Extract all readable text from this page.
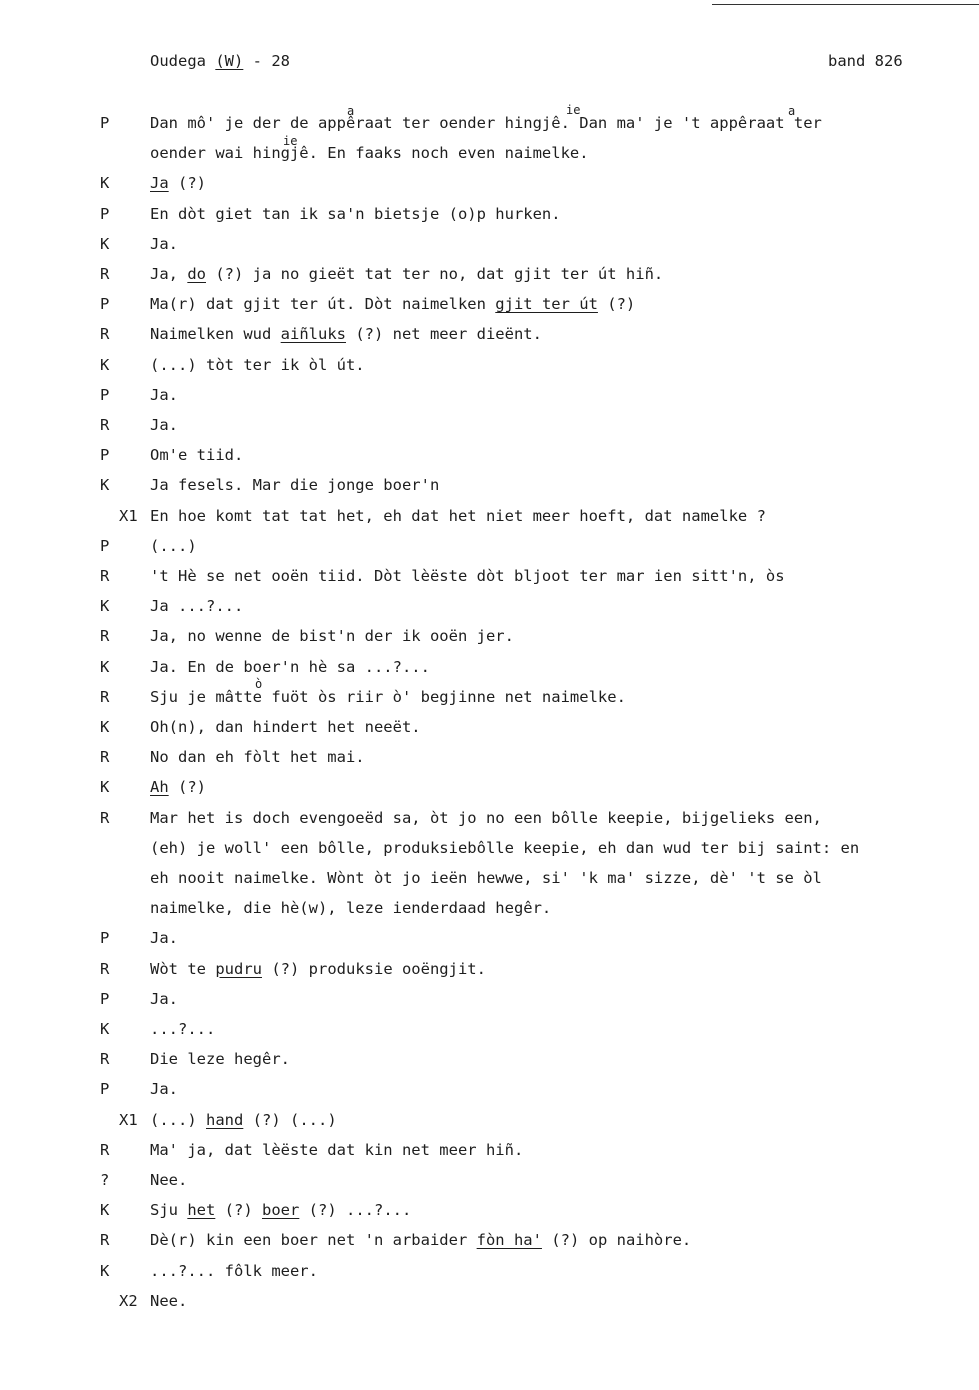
Oudega (W) - 28	band 826
P	Dan mô' je der de appêraat ter oender hingjê. Dan ma' je 't appêraat ter
oender wai hingjê. En faaks noch even naimelke.
K	Ja (?)
P	En dòt giet tan ik sa'n bietsje (o)p hurken.
K	Ja.
R	Ja, do (?) ja no gieët tat ter no, dat gjit ter út hiñ.
P	Ma(r) dat gjit ter út. Dòt naimelken gjit ter út (?)
R	Naimelken wud aiñluks (?) net meer dieënt.
K	(...) tòt ter ik òl út.
P	Ja.
R	Ja.
P	Om'e tiid.
K	Ja fesels. Mar die jonge boer'n
X1 En hoe komt tat tat het, eh dat het niet meer hoeft, dat namelke ?
P	(...)
R	't Hè se net ooën tiid. Dòt lèëste dòt bljoot ter mar ien sitt'n, òs
K	Ja ...?...
R	Ja, no wenne de bist'n der ik ooën jer.
K	Ja. En de boer'n hè sa ...?...
R	Sju je mâtte fuöt òs riir ò' begjinne net naimelke.
K	Oh(n), dan hindert het neeët.
R	No dan eh fòlt het mai.
K	Ah (?)
R	Mar het is doch evengoeëd sa, òt jo no een bôlle keepie, bijgelieks een,
(eh) je woll' een bôlle, produksiebôlle keepie, eh dan wud ter bij saint: en
eh nooit naimelke. Wònt òt jo ieën hewwe, si' 'k ma' sizze, dè' 't se òl
naimelke, die hè(w), leze ienderdaad hegêr.
P	Ja.
R	Wòt te pudru (?) produksie ooëngjit.
P	Ja.
K	...?...
R	Die leze hegêr.
P	Ja.
X1 (...) hand (?) (...)
R	Ma' ja, dat lèëste dat kin net meer hiñ.
?	Nee.
K	Sju het (?) boer (?) ...?...
R	Dè(r) kin een boer net 'n arbaider fòn ha' (?) op naihòre.
K	...?... fôlk meer.
X2 Nee.
a	ie	a
ie
ò
